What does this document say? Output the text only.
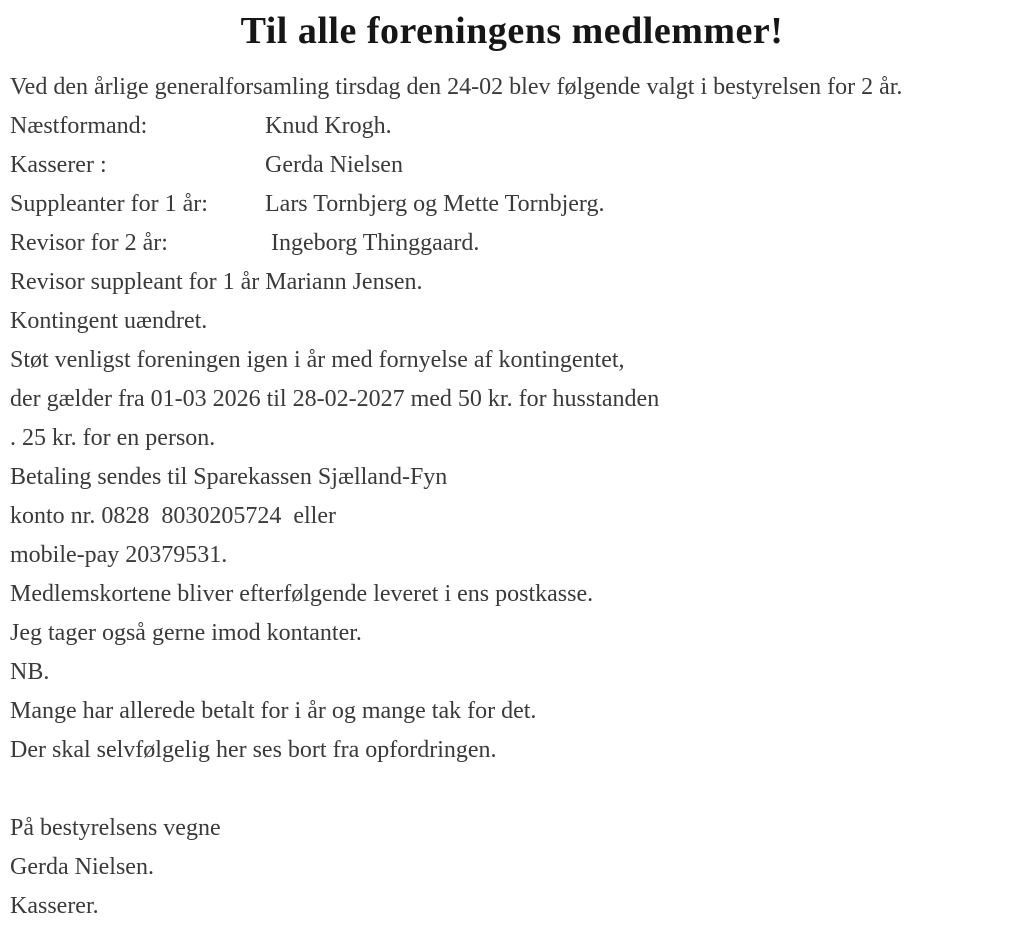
Til alle foreningens medlemmer!
Ved den årlige generalforsamling tirsdag den 24-02 blev følgende valgt i bestyrelsen for 2 år.
Næstformand:	Knud Krogh.
Kasserer :	Gerda Nielsen
Suppleanter for 1 år:	Lars Tornbjerg og Mette Tornbjerg.
Revisor for 2 år:	Ingeborg Thinggaard.
Revisor suppleant for 1 år Mariann Jensen.
Kontingent uændret.
Støt venligst foreningen igen i år med fornyelse af kontingentet,
der gælder fra 01-03 2026 til 28-02-2027 med 50 kr. for husstanden
. 25 kr. for en person.
Betaling sendes til Sparekassen Sjælland-Fyn
konto nr. 0828  8030205724  eller
mobile-pay 20379531.
Medlemskortene bliver efterfølgende leveret i ens postkasse.
Jeg tager også gerne imod kontanter.
NB.
Mange har allerede betalt for i år og mange tak for det.
Der skal selvfølgelig her ses bort fra opfordringen.
På bestyrelsens vegne
Gerda Nielsen.
Kasserer.
